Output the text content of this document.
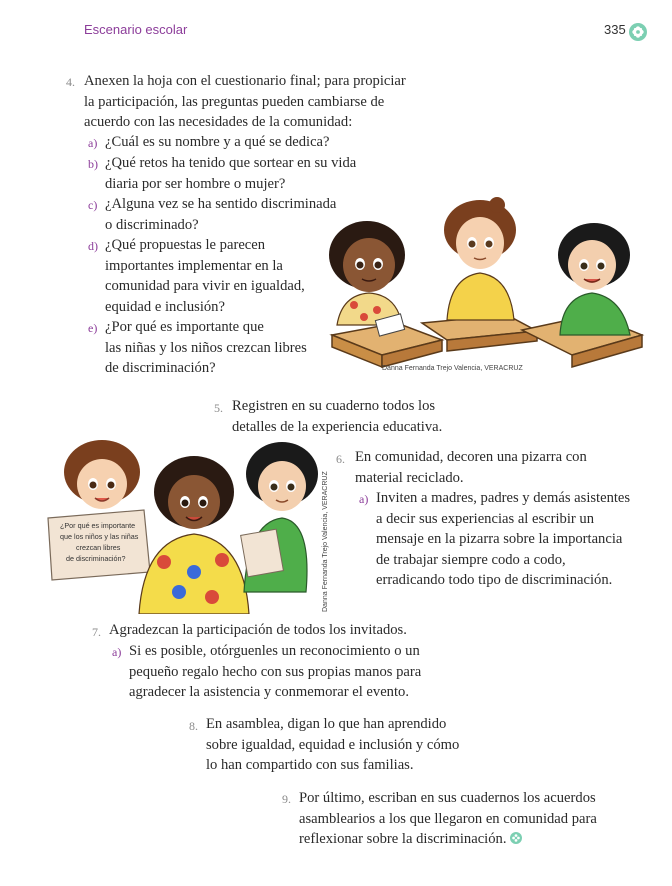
Escenario escolar	335
4. Anexen la hoja con el cuestionario final; para propiciar
la participación, las preguntas pueden cambiarse de
acuerdo con las necesidades de la comunidad:
a) ¿Cuál es su nombre y a qué se dedica?
b) ¿Qué retos ha tenido que sortear en su vida
diaria por ser hombre o mujer?
c) ¿Alguna vez se ha sentido discriminada
o discriminado?
d) ¿Qué propuestas le parecen
importantes implementar en la
comunidad para vivir en igualdad,
equidad e inclusión?
e) ¿Por qué es importante que
las niñas y los niños crezcan libres
de discriminación?	Danna Fernanda Trejo Valencia, VERACRUZ
5. Registren en su cuaderno todos los
detalles de la experiencia educativa.
¿Por qué es importante
que los niños y las niñas
crezcan libres
de discriminación?	Danna Fernanda Trejo Valencia, VERACRUZ
6. En comunidad, decoren una pizarra con
material reciclado.
a) Inviten a madres, padres y demás asistentes
a decir sus experiencias al escribir un
mensaje en la pizarra sobre la importancia
de trabajar siempre codo a codo,
erradicando todo tipo de discriminación.
7. Agradezcan la participación de todos los invitados.
a) Si es posible, otórguenles un reconocimiento o un
pequeño regalo hecho con sus propias manos para
agradecer la asistencia y conmemorar el evento.
8. En asamblea, digan lo que han aprendido
sobre igualdad, equidad e inclusión y cómo
lo han compartido con sus familias.
9. Por último, escriban en sus cuadernos los acuerdos
asamblearios a los que llegaron en comunidad para
reflexionar sobre la discriminación.
